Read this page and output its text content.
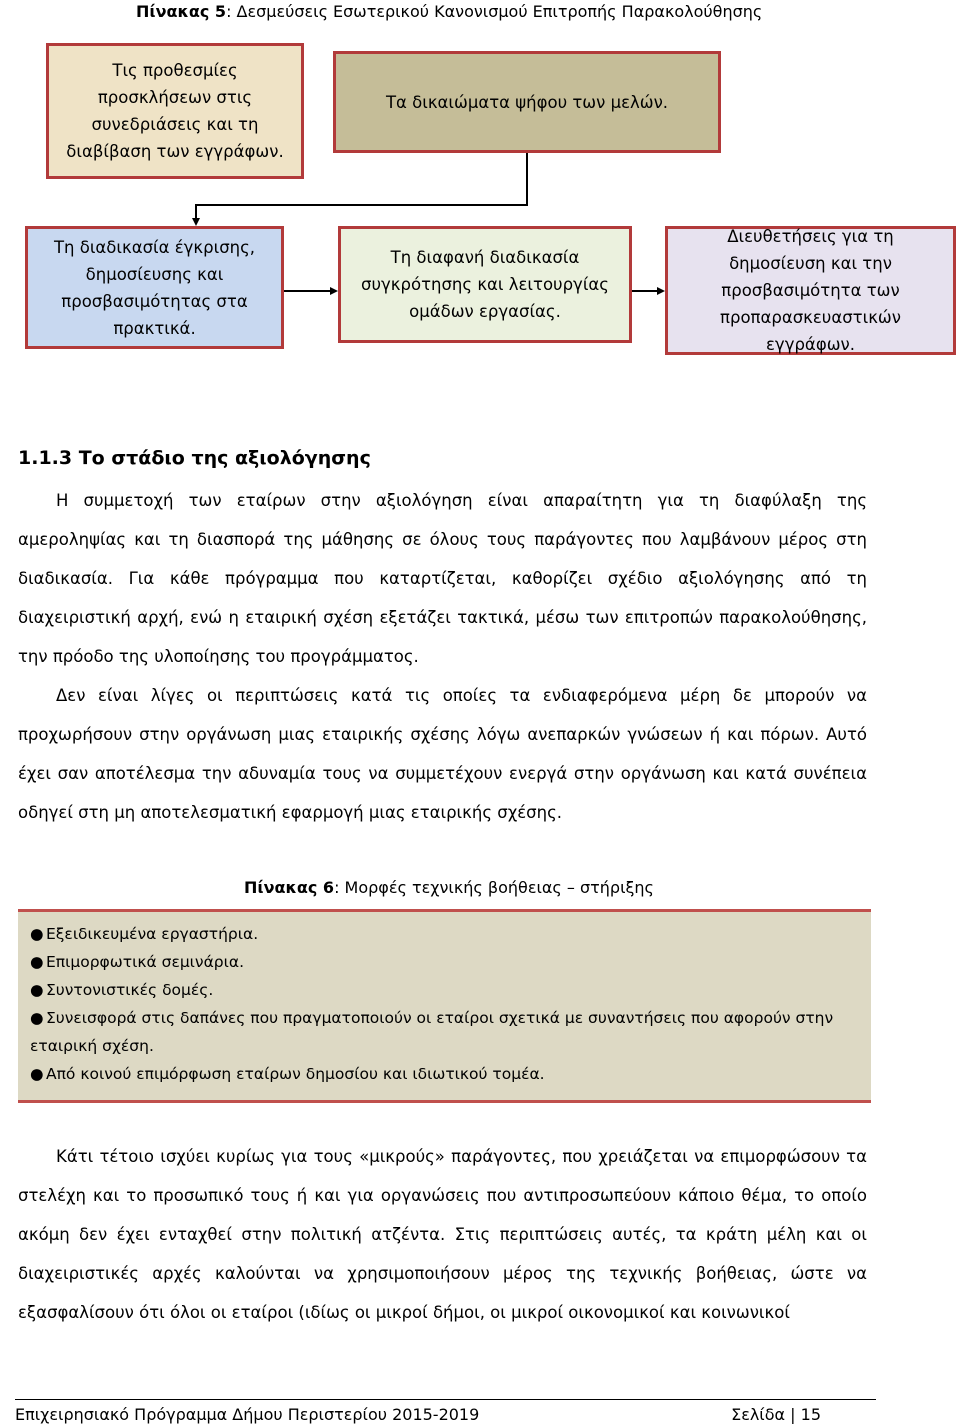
Πίνακας 5: Δεσμεύσεις Εσωτερικού Κανονισμού Επιτροπής Παρακολούθησης
Τις προθεσμίες προσκλήσεων στις συνεδριάσεις και τη διαβίβαση των εγγράφων.
Τα δικαιώματα ψήφου των μελών.
Τη διαδικασία έγκρισης, δημοσίευσης και προσβασιμότητας στα πρακτικά.
Τη διαφανή διαδικασία συγκρότησης και λειτουργίας ομάδων εργασίας.
Διευθετήσεις για τη δημοσίευση και την προσβασιμότητα των προπαρασκευαστικών εγγράφων.
1.1.3 Το στάδιο της αξιολόγησης

Η συμμετοχή των εταίρων στην αξιολόγηση είναι απαραίτητη για τη διαφύλαξη της αμεροληψίας και τη διασπορά της μάθησης σε όλους τους παράγοντες που λαμβάνουν μέρος στη διαδικασία. Για κάθε πρόγραμμα που καταρτίζεται, καθορίζει σχέδιο αξιολόγησης από τη διαχειριστική αρχή, ενώ η εταιρική σχέση εξετάζει τακτικά, μέσω των επιτροπών παρακολούθησης, την πρόοδο της υλοποίησης του προγράμματος.

Δεν είναι λίγες οι περιπτώσεις κατά τις οποίες τα ενδιαφερόμενα μέρη δε μπορούν να προχωρήσουν στην οργάνωση μιας εταιρικής σχέσης λόγω ανεπαρκών γνώσεων ή και πόρων. Αυτό έχει σαν αποτέλεσμα την αδυναμία τους να συμμετέχουν ενεργά στην οργάνωση και κατά συνέπεια οδηγεί στη μη αποτελεσματική εφαρμογή μιας εταιρικής σχέσης.

Πίνακας 6: Μορφές τεχνικής βοήθειας – στήριξης
● Εξειδικευμένα εργαστήρια.
● Επιμορφωτικά σεμινάρια.
● Συντονιστικές δομές.
● Συνεισφορά στις δαπάνες που πραγματοποιούν οι εταίροι σχετικά με συναντήσεις που αφορούν στην
εταιρική σχέση.
● Από κοινού επιμόρφωση εταίρων δημοσίου και ιδιωτικού τομέα.

Κάτι τέτοιο ισχύει κυρίως για τους «μικρούς» παράγοντες, που χρειάζεται να επιμορφώσουν τα στελέχη και το προσωπικό τους ή και για οργανώσεις που αντιπροσωπεύουν κάποιο θέμα, το οποίο ακόμη δεν έχει ενταχθεί στην πολιτική ατζέντα. Στις περιπτώσεις αυτές, τα κράτη μέλη και οι διαχειριστικές αρχές καλούνται να χρησιμοποιήσουν μέρος της τεχνικής βοήθειας, ώστε να εξασφαλίσουν ότι όλοι οι εταίροι (ιδίως οι μικροί δήμοι, οι μικροί οικονομικοί και κοινωνικοί

Επιχειρησιακό Πρόγραμμα Δήμου Περιστερίου 2015-2019	Σελίδα | 15
